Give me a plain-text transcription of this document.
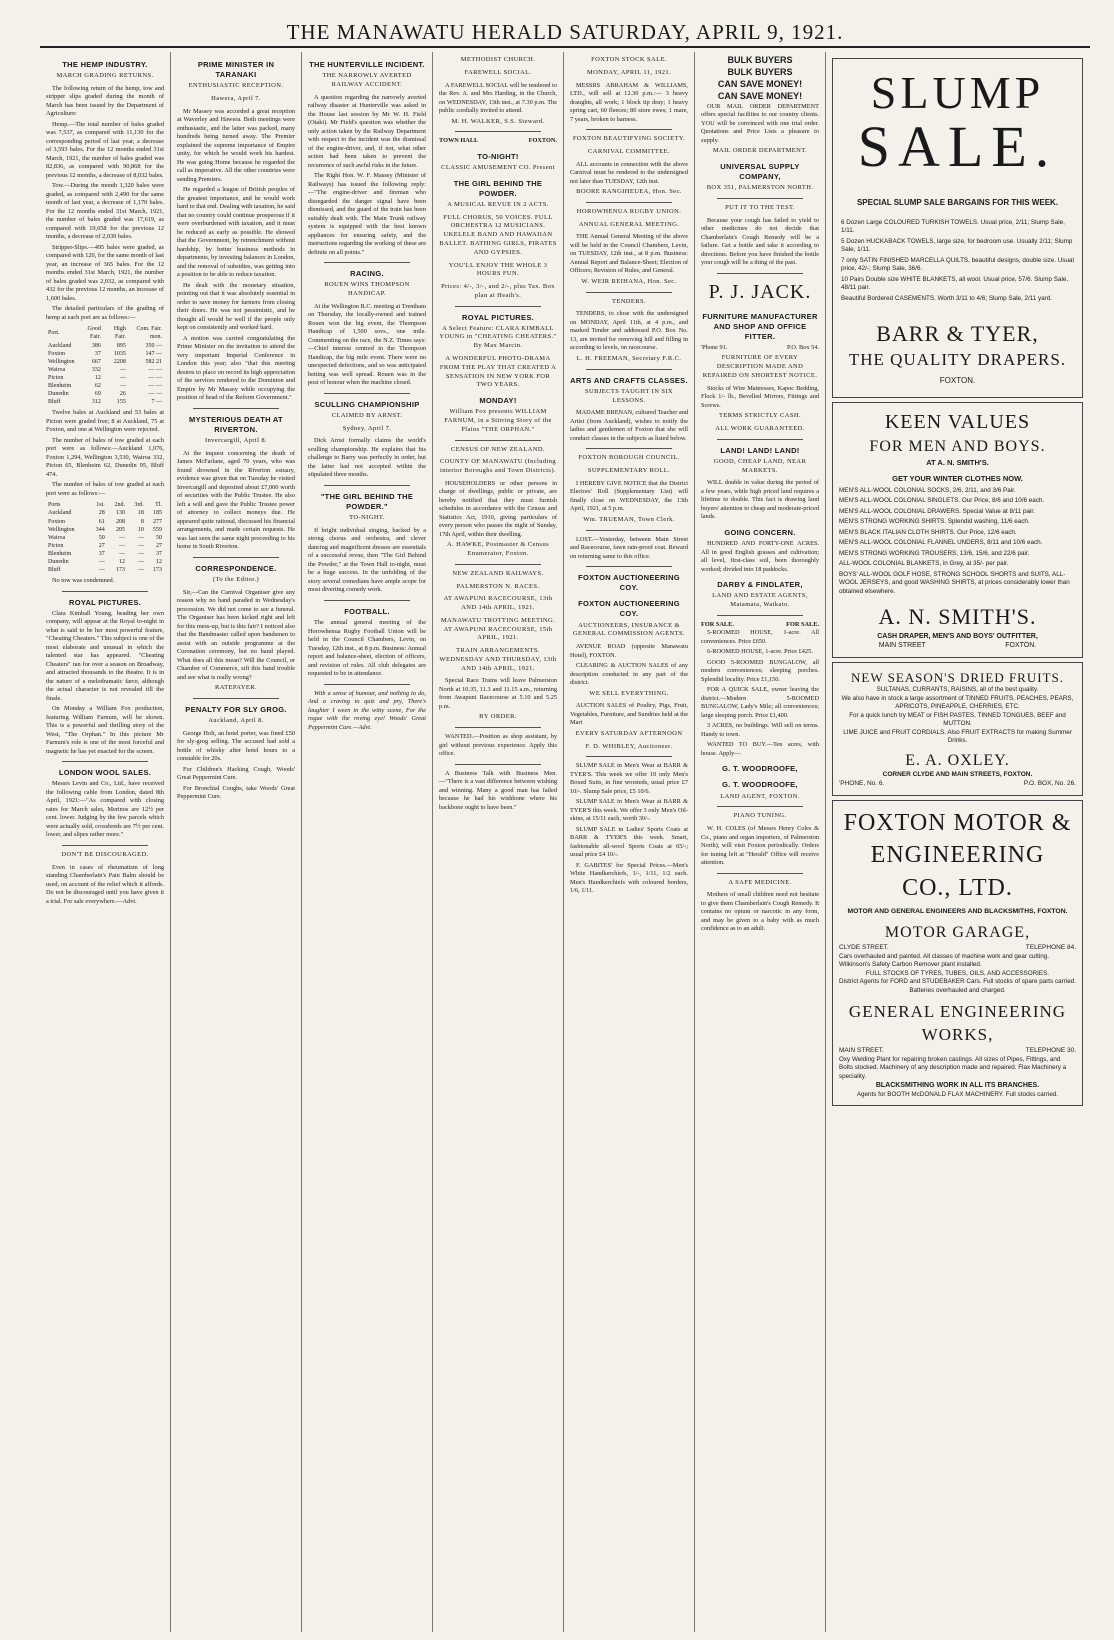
THE MANAWATU HERALD SATURDAY, APRIL 9, 1921.
THE HEMP INDUSTRY.
MARCH GRADING RETURNS.

The following return of the hemp, tow and stripper slips graded during the month of March has been issued by the Department of Agriculture:

Hemp.—The total number of bales graded was 7,537, as compared with 11,130 for the corresponding period of last year, a decrease of 3,593 bales. For the 12 months ended 31st March, 1921, the number of bales graded was 82,836, as compared with 90,868 for the previous 12 months, a decrease of 8,032 bales.

Tow.—During the month 1,320 bales were graded, as compared with 2,490 for the same month of last year, a decrease of 1,170 bales. For the 12 months ended 31st March, 1921, the number of bales graded was 17,619, as compared with 19,658 for the previous 12 months, a decrease of 2,039 bales.

Stripper-Slips.—495 bales were graded, as compared with 120, for the same month of last year, an increase of 365 bales. For the 12 months ended 31st March, 1921, the number of bales graded was 2,032, as compared with 432 for the previous 12 months, an increase of 1,600 bales.

The detailed particulars of the grading of hemp at each port are as follows:—

Port.	Good Fair.	High Fair.	Com. Fair. mon.
Auckland	386	895	350 —
Foxton	37	1035	147 —
Wellington	667	2208	582 21
Wairoa	332	—	— —
Picton	12	—	— —
Blenheim	62	—	— —
Dunedin	69	26	— —
Bluff	312	155	7 —

Twelve bales at Auckland and 53 bales at Picton were graded free; 8 at Auckland, 75 at Foxton, and one at Wellington were rejected.

The number of bales of tow graded at each port were as follows:—Auckland 1,076, Foxton 1,294, Wellington 3,530, Wairoa 332, Picton 65, Blenheim 62, Dunedin 95, Bluff 474.

The number of bales of tow graded at each port were as follows:—

Ports	1st.	2nd.	3rd.	Tl.
Auckland	28	130	18	185
Foxton	61	208	8	277
Wellington	344	205	10	559
Wairoa	50	—	—	50
Picton	27	—	—	27
Blenheim	37	—	—	37
Dunedin	—	12	—	12
Bluff	—	173	—	173

No tow was condemned.

ROYAL PICTURES.

Clara Kimball Young, heading her own company, will appear at the Royal to-night in what is said to be her most powerful feature, "Cheating Cheaters." This subject is one of the most elaborate and unusual in which the talented star has appeared. "Cheating Cheaters" ran for over a season on Broadway, and attracted thousands to the theatre. It is in the nature of a melodramatic farce, although the actual character is not revealed till the finale.

On Monday a William Fox production, featuring William Farnum, will be shown. This is a powerful and thrilling story of the West, "The Orphan." In this picture Mr Farnum's role is one of the most forceful and magnetic he has yet enacted for the screen.

LONDON WOOL SALES.

Messrs Levin and Co., Ltd., have received the following cable from London, dated 8th April, 1921:—"As compared with closing rates for March sales, Merinos are 12½ per cent. lower. Judging by the few parcels which were actually sold, crossbreds are 7½ per cent. lower, and slipes rather more."

DON'T BE DISCOURAGED.

Even in cases of rheumatism of long standing Chamberlain's Pain Balm should be used, on account of the relief which it affords. Do not be discouraged until you have given it a trial. For sale everywhere.—Advt.

PRIME MINISTER IN TARANAKI
ENTHUSIASTIC RECEPTION.
Hawera, April 7.

Mr Massey was accorded a great reception at Waverley and Hawera. Both meetings were enthusiastic, and the latter was packed, many hundreds being turned away. The Premier explained the supreme importance of Empire unity, for which he would work his hardest. He was going Home because he regarded the call as imperative. All the other countries were sending Premiers.

He regarded a league of British peoples of the greatest importance, and he would work hard to that end. Dealing with taxation, he said that no country could continue prosperous if it were overburdened with taxation, and it must be reduced as early as possible. He showed that the Government, by retrenchment without hardship, by better business methods in departments, by investing balances in London, and the removal of subsidies, was getting into a position to be able to reduce taxation.

He dealt with the monetary situation, pointing out that it was absolutely essential in order to save money for farmers from closing their doors. He was not pessimistic, and he thought all would be well if the people only kept on consistently and worked hard.

A motion was carried congratulating the Prime Minister on the invitation to attend the very important Imperial Conference in London this year; also "that this meeting desires to place on record its high appreciation of the services rendered to the Dominion and Empire by Mr Massey while occupying the position of head of the Reform Government."

MYSTERIOUS DEATH AT RIVERTON.
Invercargill, April 8.

At the inquest concerning the death of James McFarlane, aged 70 years, who was found drowned in the Riverton estuary, evidence was given that on Tuesday he visited Invercargill and deposited about £7,000 worth of securities with the Public Trustee. He also left a will and gave the Public Trustee power of attorney to collect moneys due. He appeared quite rational, discussed his financial arrangements, and made certain requests. He was last seen the same night proceeding to his home in South Riverton.

CORRESPONDENCE.
(To the Editor.)

Sir,—Can the Carnival Organiser give any reason why no band paraded in Wednesday's procession. We did not come to see a funeral. The Organiser has been kicked right and left for this mess-up, but is this fair? I noticed also that the Bandmaster called upon bandsmen to assist with an outside programme at the Coronation ceremony, but no band played. What does all this mean? Will the Council, or Chamber of Commerce, sift this band trouble and see what is really wrong?

RATEPAYER.
PENALTY FOR SLY GROG.
Auckland, April 8.

George Holt, an hotel porter, was fined £50 for sly-grog selling. The accused had sold a bottle of whisky after hotel hours to a constable for 20s.

For Children's Hacking Cough, Woods' Great Peppermint Cure.

For Bronchial Coughs, take Woods' Great Peppermint Cure.

THE HUNTERVILLE INCIDENT.
THE NARROWLY AVERTED RAILWAY ACCIDENT.

A question regarding the narrowly averted railway disaster at Hunterville was asked in the House last session by Mr W. H. Field (Otaki). Mr Field's question was whether the only action taken by the Railway Department with respect to the incident was the dismissal of the engine-driver, and, if not, what other action had been taken to prevent the recurrence of such awful risks in the future.

The Right Hon. W. F. Massey (Minister of Railways) has issued the following reply:—"The engine-driver and fireman who disregarded the danger signal have been dismissed, and the guard of the train has been suitably dealt with. The Main Trunk railway system is equipped with the best known appliances for ensuring safety, and the instructions regarding the working of these are definite on all points."

RACING.
ROUEN WINS THOMPSON HANDICAP.

At the Wellington R.C. meeting at Trentham on Thursday, the locally-owned and trained Rouen won the big event, the Thompson Handicap of 1,500 sovs., one mile. Commenting on the race, the N.Z. Times says:—Chief interest centred in the Thompson Handicap, the big mile event. There were no unexpected defections, and so was anticipated betting was well spread. Rouen was in the post of honour when the machine closed.

SCULLING CHAMPIONSHIP
CLAIMED BY ARNST.
Sydney, April 7.

Dick Arnst formally claims the world's sculling championship. He explains that his challenge to Barry was perfectly in order, but the latter had not accepted within the stipulated three months.

"THE GIRL BEHIND THE POWDER."
TO-NIGHT.

If bright individual singing, backed by a strong chorus and orchestra, and clever dancing and magnificent dresses are essentials of a successful revue, then "The Girl Behind the Powder," at the Town Hall to-night, must be a huge success. In the unfolding of the story several comedians have ample scope for most diverting comedy work.

FOOTBALL.

The annual general meeting of the Horowhenua Rugby Football Union will be held in the Council Chambers, Levin, on Tuesday, 12th inst., at 8 p.m. Business: Annual report and balance-sheet, election of officers, and revision of rules. All club delegates are requested to be in attendance.

With a sense of humour, and nothing to do, And a craving to quiz and pry, There's laughter I ween in the witty scene, For the rogue with the roving eye! Woods' Great Peppermint Cure.—Advt.

METHODIST CHURCH.
FAREWELL SOCIAL.

A FAREWELL SOCIAL will be tendered to the Rev. A. and Mrs Harding, in the Church, on WEDNESDAY, 13th inst., at 7.30 p.m. The public cordially invited to attend.

M. H. WALKER, S.S. Steward.
TOWN HALL	FOXTON.
TO-NIGHT!
CLASSIC AMUSEMENT CO. Present
THE GIRL BEHIND THE POWDER.
A MUSICAL REVUE IN 2 ACTS.
FULL CHORUS, 50 VOICES. FULL ORCHESTRA 12 MUSICIANS. UKELELE BAND AND HAWAIIAN BALLET. BATHING GIRLS, PIRATES AND GYPSIES.
YOU'LL ENJOY THE WHOLE 3 HOURS FUN.
Prices: 4/-, 3/-, and 2/-, plus Tax. Box plan at Heath's.
ROYAL PICTURES.
A Select Feature: CLARA KIMBALL YOUNG in "CHEATING CHEATERS." By Max Marcin.
A WONDERFUL PHOTO-DRAMA FROM THE PLAY THAT CREATED A SENSATION IN NEW YORK FOR TWO YEARS.
MONDAY!
William Fox presents WILLIAM FARNUM, in a Stirring Story of the Plains "THE ORPHAN."
CENSUS OF NEW ZEALAND.
COUNTY OF MANAWATU (Including interior Boroughs and Town Districts).

HOUSEHOLDERS or other persons in charge of dwellings, public or private, are hereby notified that they must furnish schedules in accordance with the Census and Statistics Act, 1910, giving particulars of every person who passes the night of Sunday, 17th April, within their dwelling.

A. HAWKE, Postmaster & Census Enumerator, Foxton.
NEW ZEALAND RAILWAYS.
PALMERSTON N. RACES.
AT AWAPUNI RACECOURSE, 13th AND 14th APRIL, 1921.
MANAWATU TROTTING MEETING. AT AWAPUNI RACECOURSE, 15th APRIL, 1921.
TRAIN ARRANGEMENTS. WEDNESDAY AND THURSDAY, 13th AND 14th APRIL, 1921.

Special Race Trains will leave Palmerston North at 10.35, 11.3 and 11.15 a.m., returning from Awapuni Racecourse at 5.10 and 5.25 p.m.

BY ORDER.

WANTED.—Position as shop assistant, by girl without previous experience. Apply this office.

A Business Talk with Business Men.—"There is a vast difference between wishing and winning. Many a good man has failed because he had his wishbone where his backbone ought to have been."

FOXTON STOCK SALE.
MONDAY, APRIL 11, 1921.

MESSRS ABRAHAM & WILLIAMS, LTD., will sell at 12.30 p.m.:— 3 heavy draughts, all work; 1 block tip dray; 1 heavy spring cart, 60 fleeces; 80 store ewes; 1 mare, 7 years, broken to harness.

FOXTON BEAUTIFYING SOCIETY.
CARNIVAL COMMITTEE.

ALL accounts in connection with the above Carnival must be rendered to the undersigned not later than TUESDAY, 12th inst.

BOORE RANGIHEUEA, Hon. Sec.
HOROWHENUA RUGBY UNION.
ANNUAL GENERAL MEETING.

THE Annual General Meeting of the above will be held in the Council Chambers, Levin, on TUESDAY, 12th inst., at 8 p.m. Business: Annual Report and Balance-Sheet; Election of Officers; Revision of Rules, and General.

W. WEIR REIHANA, Hon. Sec.
TENDERS.

TENDERS, to close with the undersigned on MONDAY, April 11th, at 4 p.m., and marked Tender and addressed P.O. Box No. 13, are invited for removing hill and filling in according to levels, on racecourse.

L. H. FREEMAN, Secretary F.R.C.
ARTS AND CRAFTS CLASSES.
SUBJECTS TAUGHT IN SIX LESSONS.

MADAME BRENAN, cultured Teacher and Artist (from Auckland), wishes to notify the ladies and gentlemen of Foxton that she will conduct classes in the subjects as listed below.

FOXTON BOROUGH COUNCIL.
SUPPLEMENTARY ROLL.

I HEREBY GIVE NOTICE that the District Electors' Roll (Supplementary List) will finally close on WEDNESDAY, the 13th April, 1921, at 5 p.m.

Wm. TRUEMAN, Town Clerk.

LOST.—Yesterday, between Main Street and Racecourse, fawn rain-proof coat. Reward on returning same to this office.

FOXTON AUCTIONEERING COY.
FOXTON AUCTIONEERING COY.
AUCTIONEERS, INSURANCE & GENERAL COMMISSION AGENTS.

AVENUE ROAD (opposite Manawatu Hotel), FOXTON.

CLEARING & AUCTION SALES of any description conducted in any part of the district.

WE SELL EVERYTHING.

AUCTION SALES of Poultry, Pigs, Fruit, Vegetables, Furniture, and Sundries held at the Mart

EVERY SATURDAY AFTERNOON
F. D. WHIBLEY, Auctioneer.

SLUMP SALE in Men's Wear at BARR & TYER'S. This week we offer 10 only Men's Boxed Suits, in fine worsteds, usual price £7 10/-. Slump Sale price, £5 10/6.

SLUMP SALE in Men's Wear at BARR & TYER'S this week. We offer 3 only Men's Oil-skins, at 15/11 each, worth 30/-.

SLUMP SALE in Ladies' Sports Coats at BARR & TYER'S this week. Smart, fashionable all-wool Sports Coats at 65/-; usual price £4 10/-.

F. GABITES' for Special Prices.—Men's White Handkerchiefs, 1/-, 1/11, 1/2 each. Men's Handkerchiefs with coloured borders, 1/6, 1/11.

BULK BUYERS
BULK BUYERS
CAN SAVE MONEY!
CAN SAVE MONEY!

OUR MAIL ORDER DEPARTMENT offers special facilities to our country clients. YOU will be convinced with one trial order. Quotations and Price Lists a pleasure to supply.

MAIL ORDER DEPARTMENT.
UNIVERSAL SUPPLY COMPANY,
BOX 351, PALMERSTON NORTH.
PUT IT TO THE TEST.

Because your cough has failed to yield to other medicines do not decide that Chamberlain's Cough Remedy will be a failure. Get a bottle and take it according to directions. Before you have finished the bottle your cough will be a thing of the past.

P. J. JACK.
FURNITURE MANUFACTURER AND SHOP AND OFFICE FITTER.
'Phone 91.	P.O. Box 54.
FURNITURE OF EVERY DESCRIPTION MADE AND REPAIRED ON SHORTEST NOTICE.

Stocks of Wire Mattresses, Kapoc Bedding, Flock 1/- lb., Bevelled Mirrors, Fittings and Screws.

TERMS STRICTLY CASH.
ALL WORK GUARANTEED.
LAND! LAND! LAND!
GOOD, CHEAP LAND, NEAR MARKETS.

WILL double in value during the period of a few years, while high priced land requires a lifetime to double. This fact is drawing land buyers' attention to cheap and moderate-priced lands.

GOING CONCERN.

HUNDRED AND FORTY-ONE ACRES. All in good English grasses and cultivation; all level, first-class soil, been thoroughly worked; divided into 18 paddocks.

DARBY & FINDLATER,
LAND AND ESTATE AGENTS, Matamata, Waikato.
FOR SALE.	FOR SALE.

5-ROOMED HOUSE, 1-acre. All conveniences. Price £650.

6-ROOMED HOUSE, 1-acre. Price £425.

GOOD 5-ROOMED BUNGALOW, all modern conveniences; sleeping porches. Splendid locality. Price £1,150.

FOR A QUICK SALE, owner leaving the district.—Modern 5-ROOMED BUNGALOW, Lady's Mile; all conveniences; large sleeping porch. Price £1,400.

3 ACRES, no buildings. Will sell on terms. Handy to town.

WANTED TO BUY.—Ten acres, with house. Apply—

G. T. WOODROOFE,
G. T. WOODROOFE,
LAND AGENT, FOXTON.
PIANO TUNING.

W. H. COLES (of Messrs Henry Coles & Co., piano and organ importers, of Palmerston North), will visit Foxton periodically. Orders for tuning left at "Herald" Office will receive attention.

A SAFE MEDICINE.

Mothers of small children need not hesitate to give them Chamberlain's Cough Remedy. It contains no opium or narcotic in any form, and may be given to a baby with as much confidence as to an adult.

SLUMP
SALE.
SPECIAL SLUMP SALE BARGAINS FOR THIS WEEK.
6 Dozen Large COLOURED TURKISH TOWELS. Usual price, 2/11; Slump Sale, 1/11.
5 Dozen HUCKABACK TOWELS, large size, for bedroom use. Usually 2/11; Slump Sale, 1/11.
7 only SATIN FINISHED MARCELLA QUILTS, beautiful designs, double size. Usual price, 42/-; Slump Sale, 36/6.
10 Pairs Double size WHITE BLANKETS, all wool. Usual price, 57/6. Slump Sale, 48/11 pair.
Beautiful Bordered CASEMENTS. Worth 3/11 to 4/6; Slump Sale, 2/11 yard.
BARR & TYER,
THE QUALITY DRAPERS.
FOXTON.
KEEN VALUES
FOR MEN AND BOYS.
AT A. N. SMITH'S.
GET YOUR WINTER CLOTHES NOW.
MEN'S ALL-WOOL COLONIAL SOCKS, 2/6, 2/11, and 3/6 Pair.
MEN'S ALL-WOOL COLONIAL SINGLETS. Our Price, 8/6 and 10/6 each.
MEN'S ALL-WOOL COLONIAL DRAWERS. Special Value at 8/11 pair.
MEN'S STRONG WORKING SHIRTS. Splendid washing, 11/6 each.
MEN'S BLACK ITALIAN CLOTH SHIRTS. Our Price, 12/6 each.
MEN'S ALL-WOOL COLONIAL FLANNEL UNDERS, 8/11 and 10/6 each.
MEN'S STRONG WORKING TROUSERS, 13/6, 15/6, and 22/6 pair.
ALL-WOOL COLONIAL BLANKETS, in Grey, at 35/- per pair.
BOYS' ALL-WOOL GOLF HOSE, STRONG SCHOOL SHORTS and SUITS, ALL-WOOL JERSEYS, and good WASHING SHIRTS, at prices considerably lower than obtained elsewhere.
A. N. SMITH'S.
CASH DRAPER, MEN'S AND BOYS' OUTFITTER,
MAIN STREET	FOXTON.
NEW SEASON'S DRIED FRUITS.
SULTANAS, CURRANTS, RAISINS, all of the best quality.
We also have in stock a large assortment of TINNED FRUITS, PEACHES, PEARS, APRICOTS, PINEAPPLE, CHERRIES, ETC.
For a quick lunch try MEAT or FISH PASTES, TINNED TONGUES, BEEF and MUTTON.
LIME JUICE and FRUIT CORDIALS. Also FRUIT EXTRACTS for making Summer Drinks.
E. A. OXLEY.
CORNER CLYDE AND MAIN STREETS, FOXTON.
'PHONE, No. 6.	P.O. BOX, No. 26.
FOXTON MOTOR &
ENGINEERING
CO., LTD.
MOTOR AND GENERAL ENGINEERS AND BLACKSMITHS, FOXTON.
MOTOR GARAGE,
CLYDE STREET.	TELEPHONE 84.
Cars overhauled and painted. All classes of machine work and gear cutting. Wilkinson's Safety Carbon Remover plant installed.
FULL STOCKS OF TYRES, TUBES, OILS, AND ACCESSORIES.
District Agents for FORD and STUDEBAKER Cars. Full stocks of spare parts carried. Batteries overhauled and charged.
GENERAL ENGINEERING WORKS,
MAIN STREET.	TELEPHONE 30.
Oxy Welding Plant for repairing broken castings. All sizes of Pipes, Fittings, and Bolts stocked. Machinery of any description made and repaired. Flax Machinery a speciality.
BLACKSMITHING WORK IN ALL ITS BRANCHES.
Agents for BOOTH McDONALD FLAX MACHINERY. Full stocks carried.
